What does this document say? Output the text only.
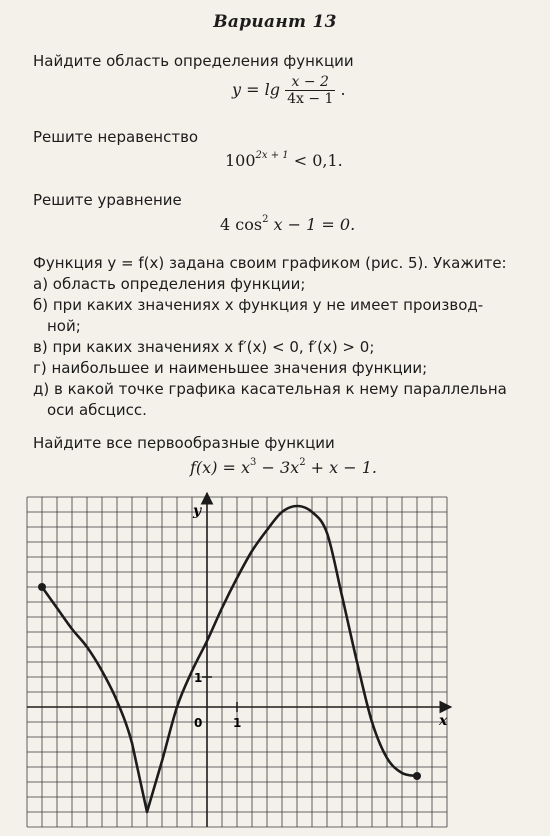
Вариант 13
Найдите область определения функции
$y = \lg \frac{x - 2}{4x - 1}$ .
Решите неравенство
$100^{2x + 1} < 0,1$.
Решите уравнение
4 $\cos^2 x - 1 = 0$.
Функция y = f(x) задана своим графиком (рис. 5). Укажите:
а) область определения функции;
б) при каких значениях x функция y не имеет производ-
ной;
в) при каких значениях x f′(x) < 0, f′(x) > 0;
г) наибольшее и наименьшее значения функции;
д) в какой точке графика касательная к нему параллельна
оси абсцисс.
Найдите все первообразные функции
$f(x) = x^3 - 3x^2 + x - 1$.
y
x
0	1
1
